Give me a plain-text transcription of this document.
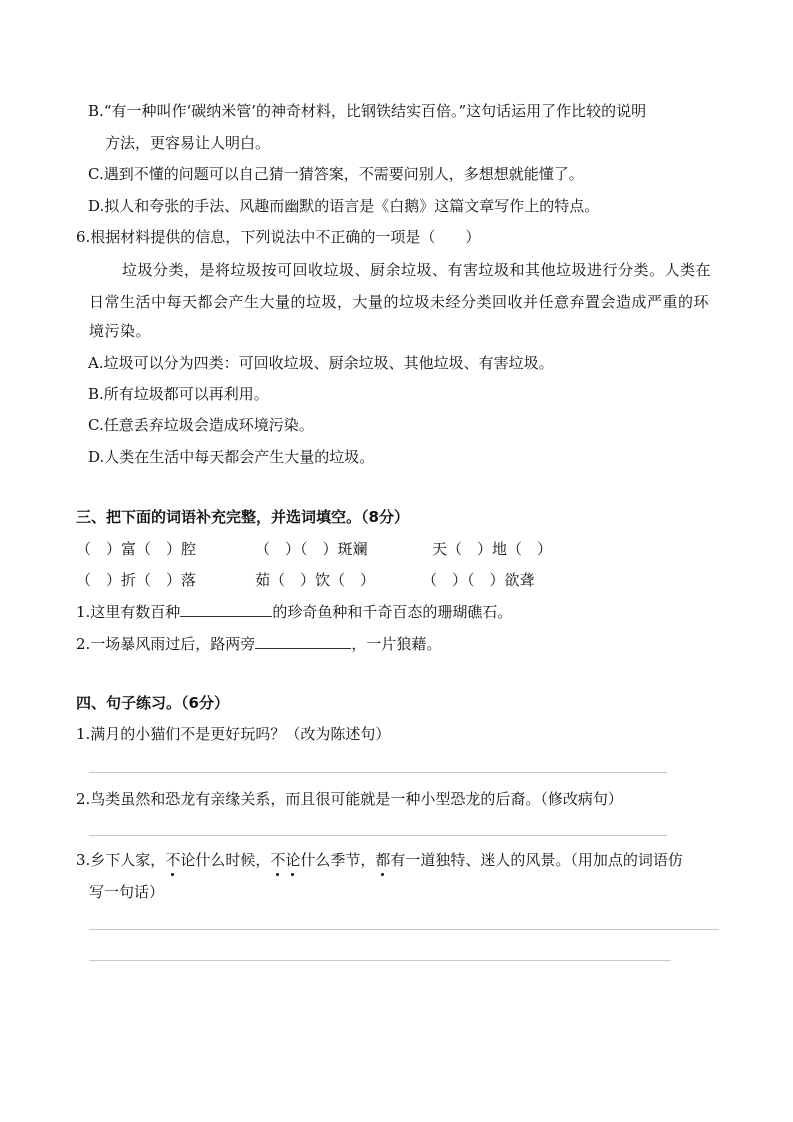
B.“有一种叫作‘碳纳米管’的神奇材料，比钢铁结实百倍。”这句话运用了作比较的说明
方法，更容易让人明白。
C.遇到不懂的问题可以自己猜一猜答案，不需要问别人，多想想就能懂了。
D.拟人和夸张的手法、风趣而幽默的语言是《白鹅》这篇文章写作上的特点。
6.根据材料提供的信息，下列说法中不正确的一项是（　　）
垃圾分类，是将垃圾按可回收垃圾、厨余垃圾、有害垃圾和其他垃圾进行分类。人类在
日常生活中每天都会产生大量的垃圾，大量的垃圾未经分类回收并任意弃置会造成严重的环
境污染。
A.垃圾可以分为四类：可回收垃圾、厨余垃圾、其他垃圾、有害垃圾。
B.所有垃圾都可以再利用。
C.任意丢弃垃圾会造成环境污染。
D.人类在生活中每天都会产生大量的垃圾。
三、把下面的词语补充完整，并选词填空。（8分）
（　）富（　）腔	（　）（　）斑斓	天（　）地（　）
（　）折（　）落	茹（　）饮（　）	（　）（　）欲聋
1.这里有数百种	的珍奇鱼种和千奇百态的珊瑚礁石。
2.一场暴风雨过后，路两旁	，一片狼藉。
四、句子练习。（6分）
1.满月的小猫们不是更好玩吗？（改为陈述句）
2.鸟类虽然和恐龙有亲缘关系，而且很可能就是一种小型恐龙的后裔。（修改病句）
3.乡下人家，不论什么时候，不论什么季节，都有一道独特、迷人的风景。（用加点的词语仿
写一句话）
